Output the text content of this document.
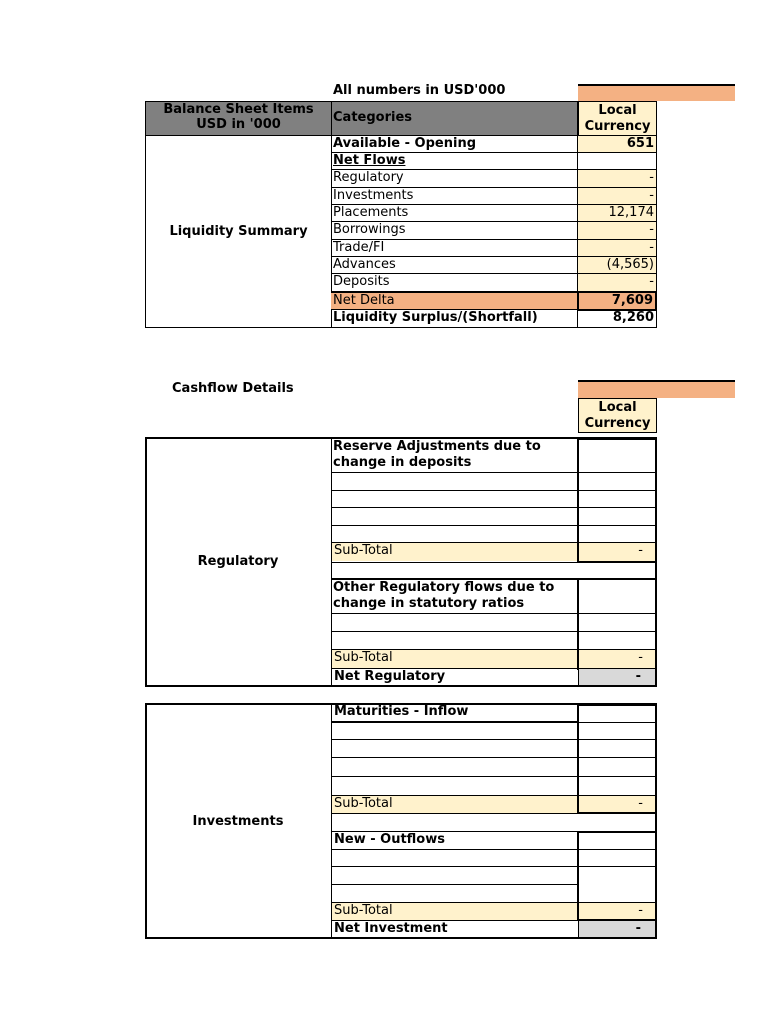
All numbers in USD'000
Balance Sheet Items
USD in '000	Categories	Local
Currency
Liquidity Summary
Available - Opening	651
Net Flows
Regulatory	-
Investments	-
Placements	12,174
Borrowings	-
Trade/FI	-
Advances	(4,565)
Deposits	-
Net Delta	7,609
Liquidity Surplus/(Shortfall)	8,260
Cashflow Details
Local
Currency
Regulatory
Reserve Adjustments due to
change in deposits
Sub-Total	-
Other Regulatory flows due to
change in statutory ratios
Sub-Total	-
Net Regulatory	-
Investments
Maturities - Inflow
Sub-Total	-
New - Outflows
Sub-Total	-
Net Investment	-
